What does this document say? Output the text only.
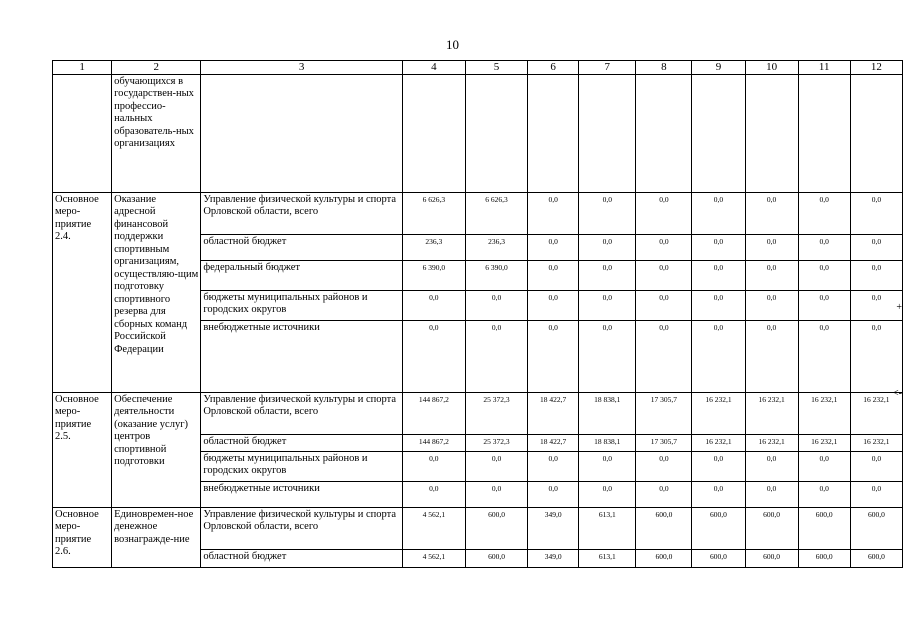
10
1	2	3	4	5	6	7	8	9	10	11	12
	обучающихся в государствен-ных профессио-нальных образователь-ных организациях										
Основное меро-приятие 2.4.	Оказание адресной финансовой поддержки спортивным организациям, осуществляю-щим подготовку спортивного резерва для сборных команд Российской Федерации	Управление физической культуры и спорта Орловской области, всего	6 626,3	6 626,3	0,0	0,0	0,0	0,0	0,0	0,0	0,0
		областной бюджет	236,3	236,3	0,0	0,0	0,0	0,0	0,0	0,0	0,0
		федеральный бюджет	6 390,0	6 390,0	0,0	0,0	0,0	0,0	0,0	0,0	0,0
		бюджеты муниципальных районов и городских округов	0,0	0,0	0,0	0,0	0,0	0,0	0,0	0,0	0,0
		внебюджетные источники	0,0	0,0	0,0	0,0	0,0	0,0	0,0	0,0	0,0
Основное меро-приятие 2.5.	Обеспечение деятельности (оказание услуг) центров спортивной подготовки	Управление физической культуры и спорта Орловской области, всего	144 867,2	25 372,3	18 422,7	18 838,1	17 305,7	16 232,1	16 232,1	16 232,1	16 232,1
		областной бюджет	144 867,2	25 372,3	18 422,7	18 838,1	17 305,7	16 232,1	16 232,1	16 232,1	16 232,1
		бюджеты муниципальных районов и городских округов	0,0	0,0	0,0	0,0	0,0	0,0	0,0	0,0	0,0
		внебюджетные источники	0,0	0,0	0,0	0,0	0,0	0,0	0,0	0,0	0,0
Основное меро-приятие 2.6.	Единовремен-ное денежное вознагражде-ние	Управление физической культуры и спорта Орловской области, всего	4 562,1	600,0	349,0	613,1	600,0	600,0	600,0	600,0	600,0
		областной бюджет	4 562,1	600,0	349,0	613,1	600,0	600,0	600,0	600,0	600,0
+
<-
